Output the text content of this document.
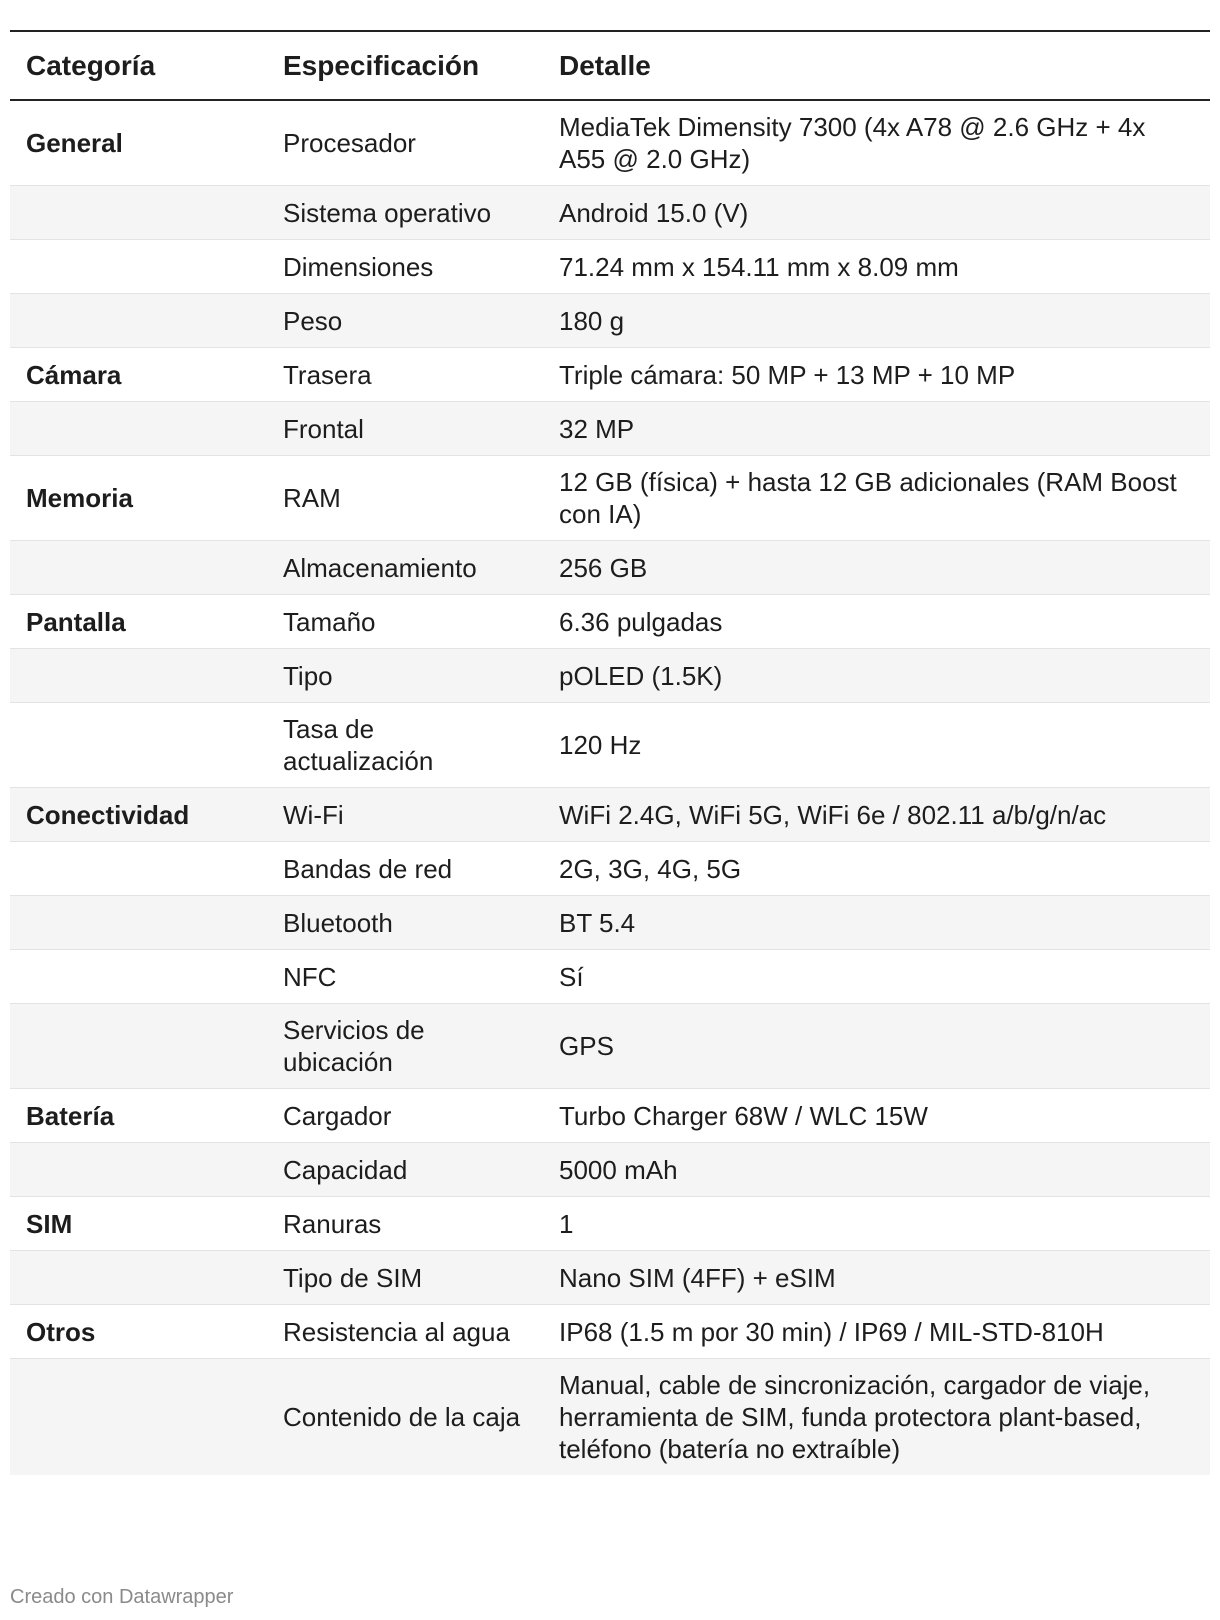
Categoría	Especificación	Detalle
General	Procesador	MediaTek Dimensity 7300 (4x A78 @ 2.6 GHz + 4x A55 @ 2.0 GHz)
	Sistema operativo	Android 15.0 (V)
	Dimensiones	71.24 mm x 154.11 mm x 8.09 mm
	Peso	180 g
Cámara	Trasera	Triple cámara: 50 MP + 13 MP + 10 MP
	Frontal	32 MP
Memoria	RAM	12 GB (física) + hasta 12 GB adicionales (RAM Boost con IA)
	Almacenamiento	256 GB
Pantalla	Tamaño	6.36 pulgadas
	Tipo	pOLED (1.5K)
	Tasa de actualización	120 Hz
Conectividad	Wi-Fi	WiFi 2.4G, WiFi 5G, WiFi 6e / 802.11 a/b/g/n/ac
	Bandas de red	2G, 3G, 4G, 5G
	Bluetooth	BT 5.4
	NFC	Sí
	Servicios de ubicación	GPS
Batería	Cargador	Turbo Charger 68W / WLC 15W
	Capacidad	5000 mAh
SIM	Ranuras	1
	Tipo de SIM	Nano SIM (4FF) + eSIM
Otros	Resistencia al agua	IP68 (1.5 m por 30 min) / IP69 / MIL-STD-810H
	Contenido de la caja	Manual, cable de sincronización, cargador de viaje, herramienta de SIM, funda protectora plant-based, teléfono (batería no extraíble)
Creado con Datawrapper
